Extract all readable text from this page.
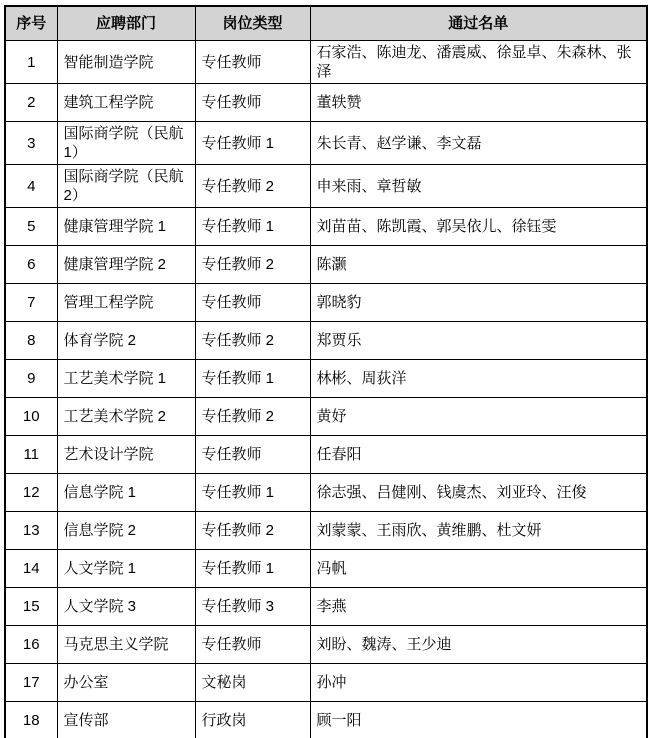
序号	应聘部门	岗位类型	通过名单
1	智能制造学院	专任教师	石家浩、陈迪龙、潘震威、徐显卓、朱森林、张泽
2	建筑工程学院	专任教师	董轶赞
3	国际商学院（民航1）	专任教师 1	朱长青、赵学谦、李文磊
4	国际商学院（民航2）	专任教师 2	申来雨、章哲敏
5	健康管理学院 1	专任教师 1	刘苗苗、陈凯霞、郭吴依儿、徐钰雯
6	健康管理学院 2	专任教师 2	陈灏
7	管理工程学院	专任教师	郭晓豹
8	体育学院 2	专任教师 2	郑贾乐
9	工艺美术学院 1	专任教师 1	林彬、周荻洋
10	工艺美术学院 2	专任教师 2	黄妤
11	艺术设计学院	专任教师	任春阳
12	信息学院 1	专任教师 1	徐志强、吕健刚、钱虞杰、刘亚玲、汪俊
13	信息学院 2	专任教师 2	刘蒙蒙、王雨欣、黄维鹏、杜文妍
14	人文学院 1	专任教师 1	冯帆
15	人文学院 3	专任教师 3	李燕
16	马克思主义学院	专任教师	刘盼、魏涛、王少迪
17	办公室	文秘岗	孙冲
18	宣传部	行政岗	顾一阳
